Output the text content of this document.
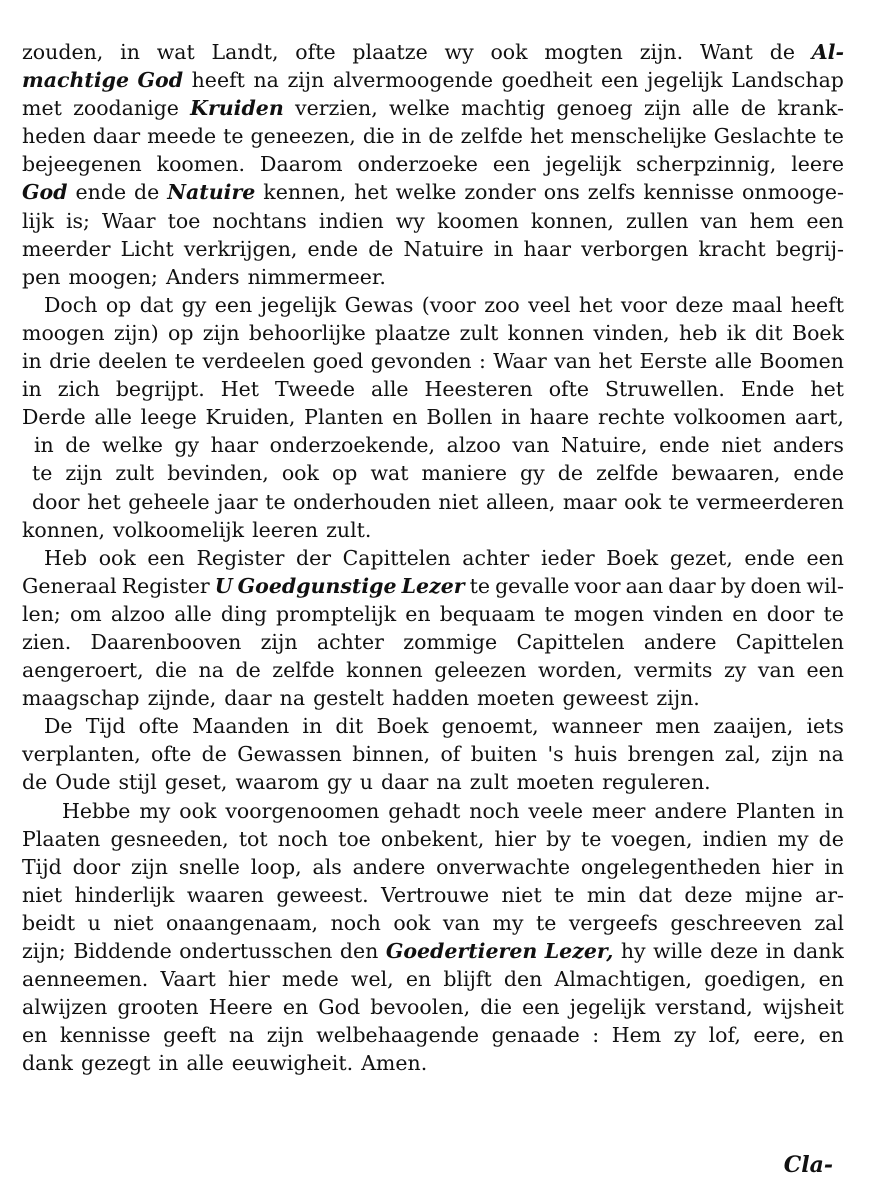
zouden, in wat Landt, ofte plaatze wy ook mogten zijn. Want de Al-
machtige God heeft na zijn alvermoogende goedheit een jegelijk Landschap
met zoodanige Kruiden verzien, welke machtig genoeg zijn alle de krank-
heden daar meede te geneezen, die in de zelfde het menschelijke Geslachte te
bejeegenen koomen. Daarom onderzoeke een jegelijk scherpzinnig, leere
God ende de Natuire kennen, het welke zonder ons zelfs kennisse onmooge-
lijk is; Waar toe nochtans indien wy koomen konnen, zullen van hem een
meerder Licht verkrijgen, ende de Natuire in haar verborgen kracht begrij-
pen moogen; Anders nimmermeer.
Doch op dat gy een jegelijk Gewas (voor zoo veel het voor deze maal heeft
moogen zijn) op zijn behoorlijke plaatze zult konnen vinden, heb ik dit Boek
in drie deelen te verdeelen goed gevonden : Waar van het Eerste alle Boomen
in zich begrijpt. Het Tweede alle Heesteren ofte Struwellen. Ende het
Derde alle leege Kruiden, Planten en Bollen in haare rechte volkoomen aart,
in de welke gy haar onderzoekende, alzoo van Natuire, ende niet anders
te zijn zult bevinden, ook op wat maniere gy de zelfde bewaaren, ende
door het geheele jaar te onderhouden niet alleen, maar ook te vermeerderen
konnen, volkoomelijk leeren zult.
Heb ook een Register der Capittelen achter ieder Boek gezet, ende een
Generaal Register U Goedgunstige Lezer te gevalle voor aan daar by doen wil-
len; om alzoo alle ding promptelijk en bequaam te mogen vinden en door te
zien. Daarenbooven zijn achter zommige Capittelen andere Capittelen
aengeroert, die na de zelfde konnen geleezen worden, vermits zy van een
maagschap zijnde, daar na gestelt hadden moeten geweest zijn.
De Tijd ofte Maanden in dit Boek genoemt, wanneer men zaaijen, iets
verplanten, ofte de Gewassen binnen, of buiten 's huis brengen zal, zijn na
de Oude stijl geset, waarom gy u daar na zult moeten reguleren.
Hebbe my ook voorgenoomen gehadt noch veele meer andere Planten in
Plaaten gesneeden, tot noch toe onbekent, hier by te voegen, indien my de
Tijd door zijn snelle loop, als andere onverwachte ongelegentheden hier in
niet hinderlijk waaren geweest. Vertrouwe niet te min dat deze mijne ar-
beidt u niet onaangenaam, noch ook van my te vergeefs geschreeven zal
zijn; Biddende ondertusschen den Goedertieren Lezer, hy wille deze in dank
aenneemen. Vaart hier mede wel, en blijft den Almachtigen, goedigen, en
alwijzen grooten Heere en God bevoolen, die een jegelijk verstand, wijsheit
en kennisse geeft na zijn welbehaagende genaade : Hem zy lof, eere, en
dank gezegt in alle eeuwigheit. Amen.
Cla-
